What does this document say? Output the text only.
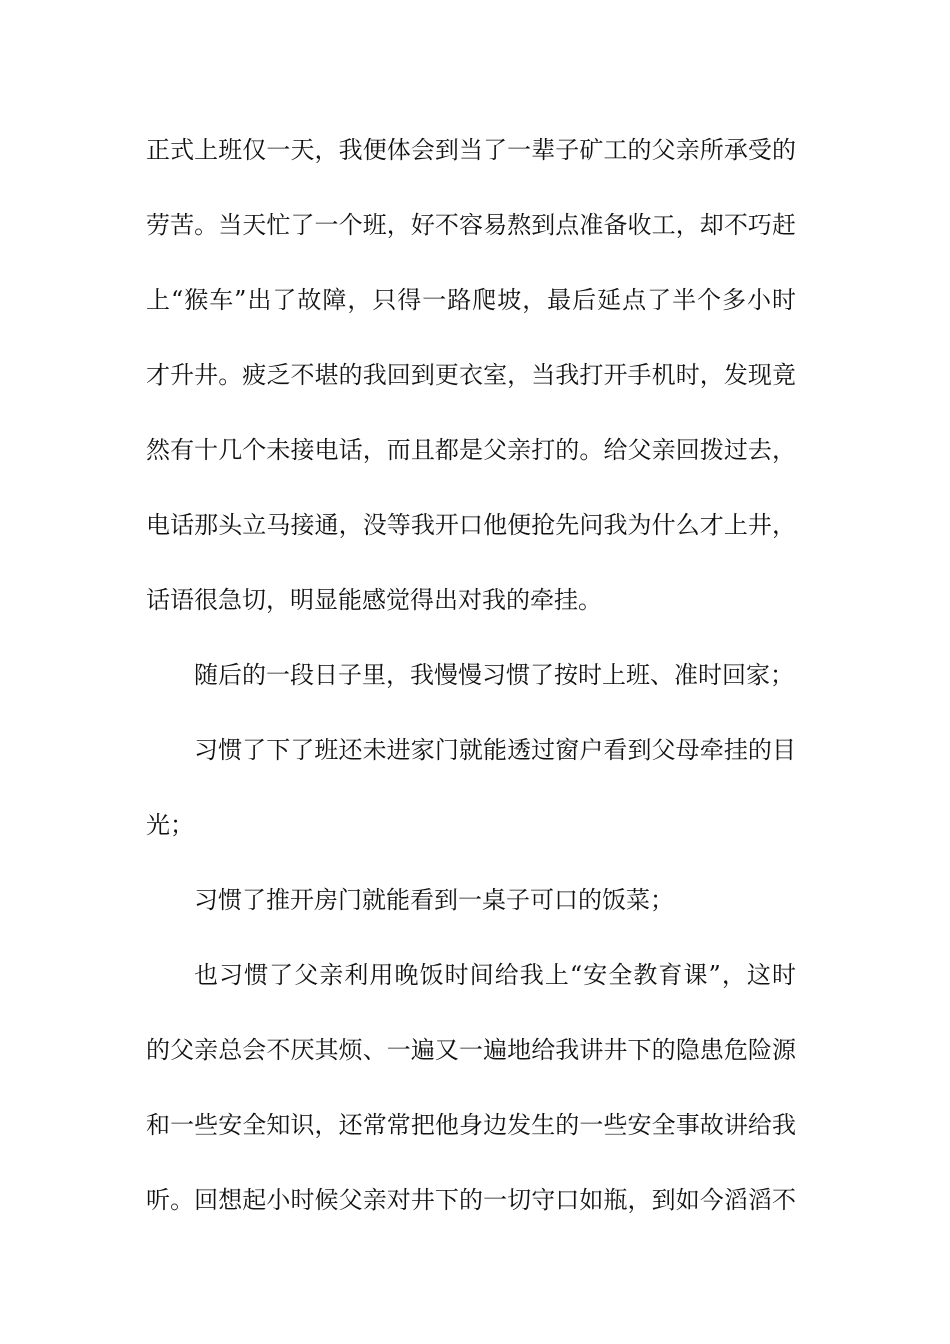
正式上班仅一天，我便体会到当了一辈子矿工的父亲所承受的
劳苦。当天忙了一个班，好不容易熬到点准备收工，却不巧赶
上“猴车”出了故障，只得一路爬坡，最后延点了半个多小时
才升井。疲乏不堪的我回到更衣室，当我打开手机时，发现竟
然有十几个未接电话，而且都是父亲打的。给父亲回拨过去，
电话那头立马接通，没等我开口他便抢先问我为什么才上井，
话语很急切，明显能感觉得出对我的牵挂。
随后的一段日子里，我慢慢习惯了按时上班、准时回家；
习惯了下了班还未进家门就能透过窗户看到父母牵挂的目
光；
习惯了推开房门就能看到一桌子可口的饭菜；
也习惯了父亲利用晚饭时间给我上“安全教育课”，这时
的父亲总会不厌其烦、一遍又一遍地给我讲井下的隐患危险源
和一些安全知识，还常常把他身边发生的一些安全事故讲给我
听。回想起小时候父亲对井下的一切守口如瓶，到如今滔滔不
